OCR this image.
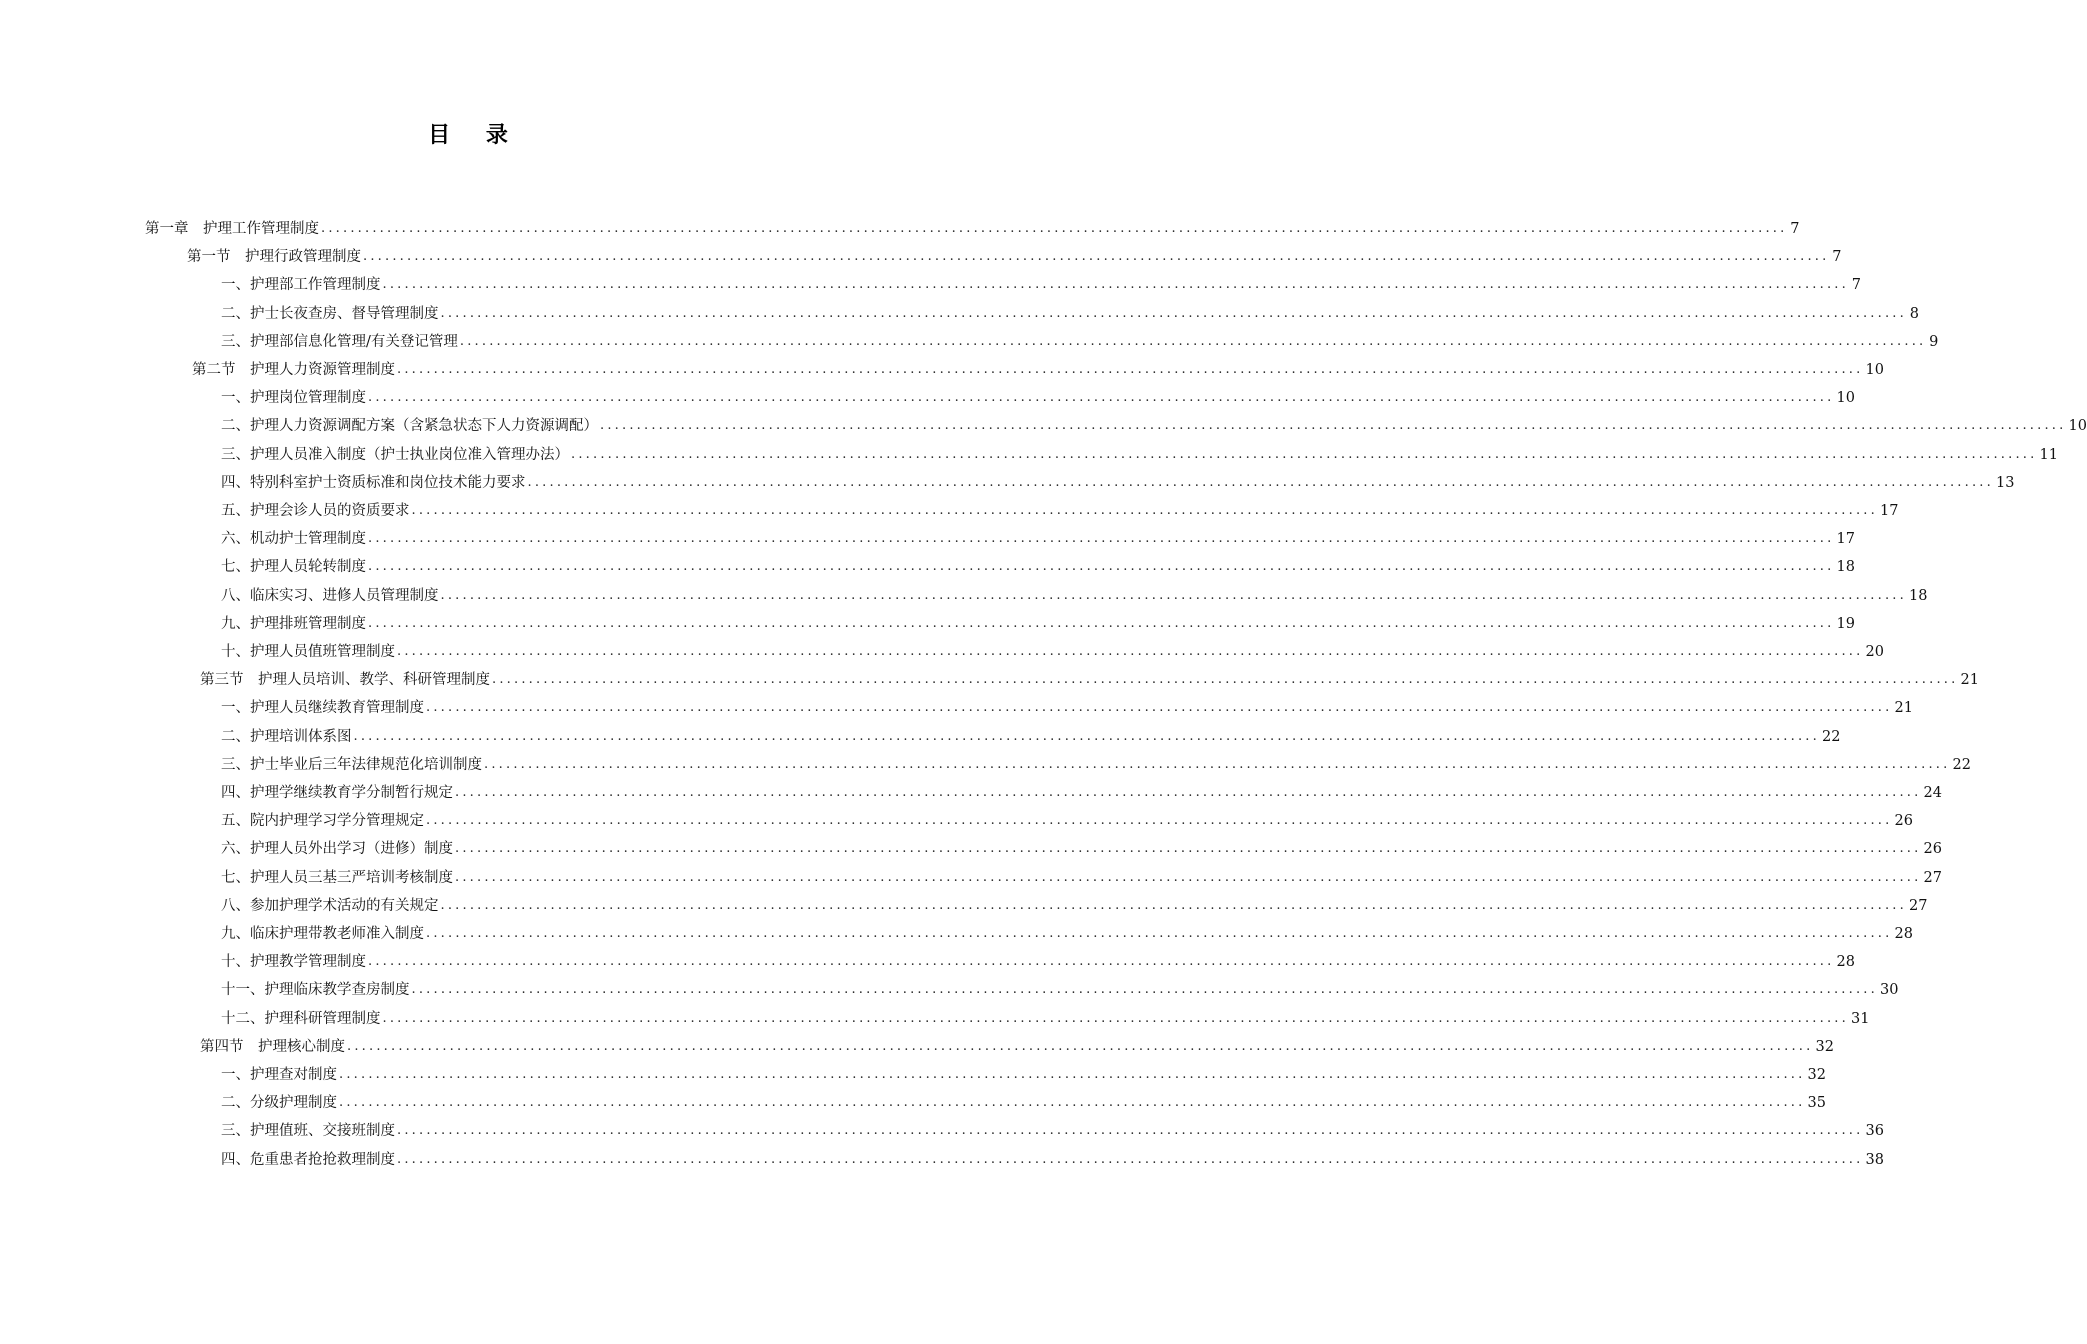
目 录
第一章　护理工作管理制度 ........................................................................................................................................................................................................ 7
第一节　护理行政管理制度 ........................................................................................................................................................................................................ 7
一、护理部工作管理制度 ........................................................................................................................................................................................................ 7
二、护士长夜查房、督导管理制度 ........................................................................................................................................................................................................ 8
三、护理部信息化管理/有关登记管理 ........................................................................................................................................................................................................ 9
第二节　护理人力资源管理制度 ........................................................................................................................................................................................................ 10
一、护理岗位管理制度 ........................................................................................................................................................................................................ 10
二、护理人力资源调配方案（含紧急状态下人力资源调配） ........................................................................................................................................................................................................ 10
三、护理人员准入制度（护士执业岗位准入管理办法） ........................................................................................................................................................................................................ 11
四、特别科室护士资质标准和岗位技术能力要求 ........................................................................................................................................................................................................ 13
五、护理会诊人员的资质要求 ........................................................................................................................................................................................................ 17
六、机动护士管理制度 ........................................................................................................................................................................................................ 17
七、护理人员轮转制度 ........................................................................................................................................................................................................ 18
八、临床实习、进修人员管理制度 ........................................................................................................................................................................................................ 18
九、护理排班管理制度 ........................................................................................................................................................................................................ 19
十、护理人员值班管理制度 ........................................................................................................................................................................................................ 20
第三节　护理人员培训、教学、科研管理制度 ........................................................................................................................................................................................................ 21
一、护理人员继续教育管理制度 ........................................................................................................................................................................................................ 21
二、护理培训体系图 ........................................................................................................................................................................................................ 22
三、护士毕业后三年法律规范化培训制度 ........................................................................................................................................................................................................ 22
四、护理学继续教育学分制暂行规定 ........................................................................................................................................................................................................ 24
五、院内护理学习学分管理规定 ........................................................................................................................................................................................................ 26
六、护理人员外出学习（进修）制度 ........................................................................................................................................................................................................ 26
七、护理人员三基三严培训考核制度 ........................................................................................................................................................................................................ 27
八、参加护理学术活动的有关规定 ........................................................................................................................................................................................................ 27
九、临床护理带教老师准入制度 ........................................................................................................................................................................................................ 28
十、护理教学管理制度 ........................................................................................................................................................................................................ 28
十一、护理临床教学查房制度 ........................................................................................................................................................................................................ 30
十二、护理科研管理制度 ........................................................................................................................................................................................................ 31
第四节　护理核心制度 ........................................................................................................................................................................................................ 32
一、护理查对制度 ........................................................................................................................................................................................................ 32
二、分级护理制度 ........................................................................................................................................................................................................ 35
三、护理值班、交接班制度 ........................................................................................................................................................................................................ 36
四、危重患者抢抢救理制度 ........................................................................................................................................................................................................ 38
